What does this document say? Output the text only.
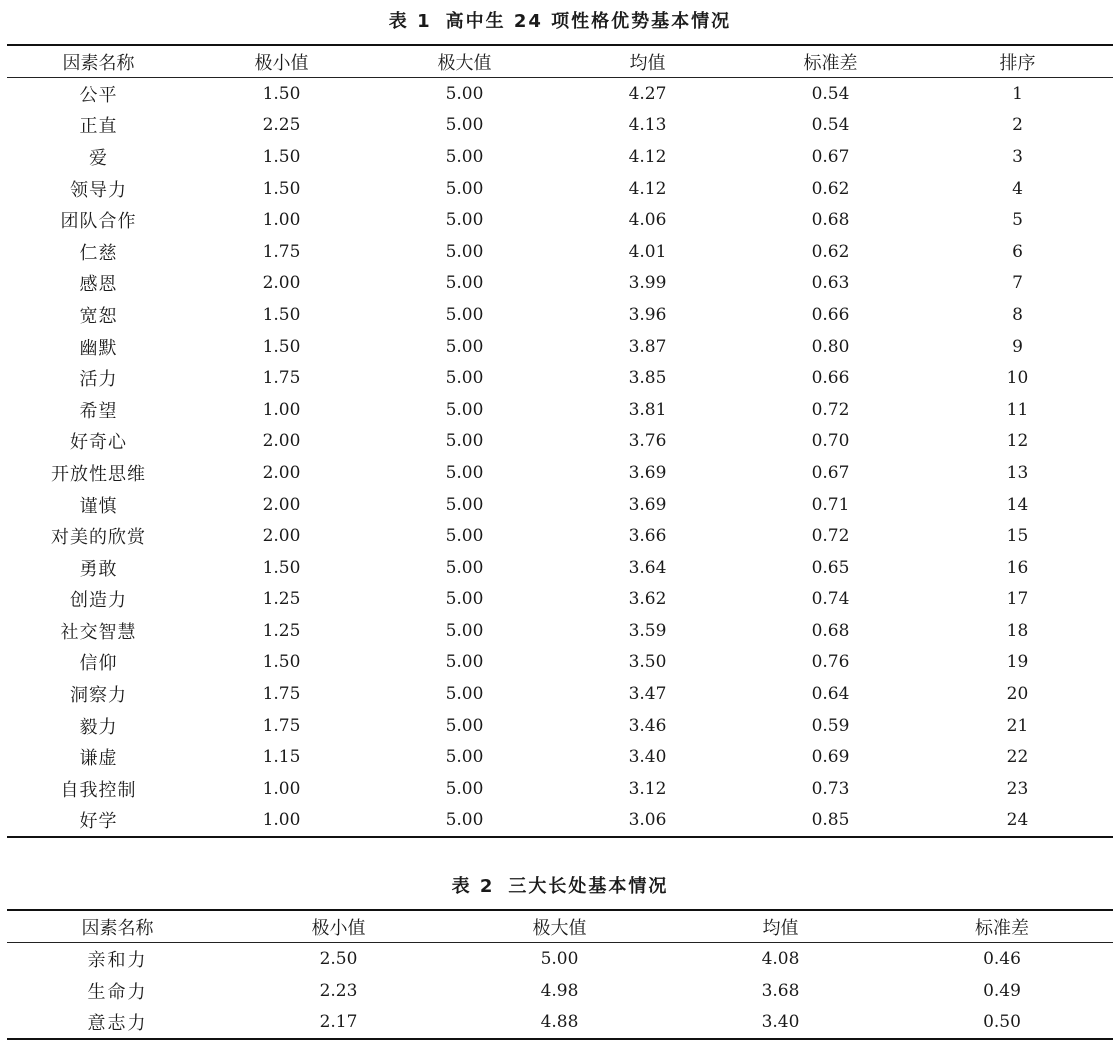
表 1 高中生 24 项性格优势基本情况
因素名称	极小值	极大值	均值	标准差	排序
公平	1.50	5.00	4.27	0.54	1
正直	2.25	5.00	4.13	0.54	2
爱	1.50	5.00	4.12	0.67	3
领导力	1.50	5.00	4.12	0.62	4
团队合作	1.00	5.00	4.06	0.68	5
仁慈	1.75	5.00	4.01	0.62	6
感恩	2.00	5.00	3.99	0.63	7
宽恕	1.50	5.00	3.96	0.66	8
幽默	1.50	5.00	3.87	0.80	9
活力	1.75	5.00	3.85	0.66	10
希望	1.00	5.00	3.81	0.72	11
好奇心	2.00	5.00	3.76	0.70	12
开放性思维	2.00	5.00	3.69	0.67	13
谨慎	2.00	5.00	3.69	0.71	14
对美的欣赏	2.00	5.00	3.66	0.72	15
勇敢	1.50	5.00	3.64	0.65	16
创造力	1.25	5.00	3.62	0.74	17
社交智慧	1.25	5.00	3.59	0.68	18
信仰	1.50	5.00	3.50	0.76	19
洞察力	1.75	5.00	3.47	0.64	20
毅力	1.75	5.00	3.46	0.59	21
谦虚	1.15	5.00	3.40	0.69	22
自我控制	1.00	5.00	3.12	0.73	23
好学	1.00	5.00	3.06	0.85	24
表 2 三大长处基本情况
因素名称	极小值	极大值	均值	标准差
亲和力	2.50	5.00	4.08	0.46
生命力	2.23	4.98	3.68	0.49
意志力	2.17	4.88	3.40	0.50
